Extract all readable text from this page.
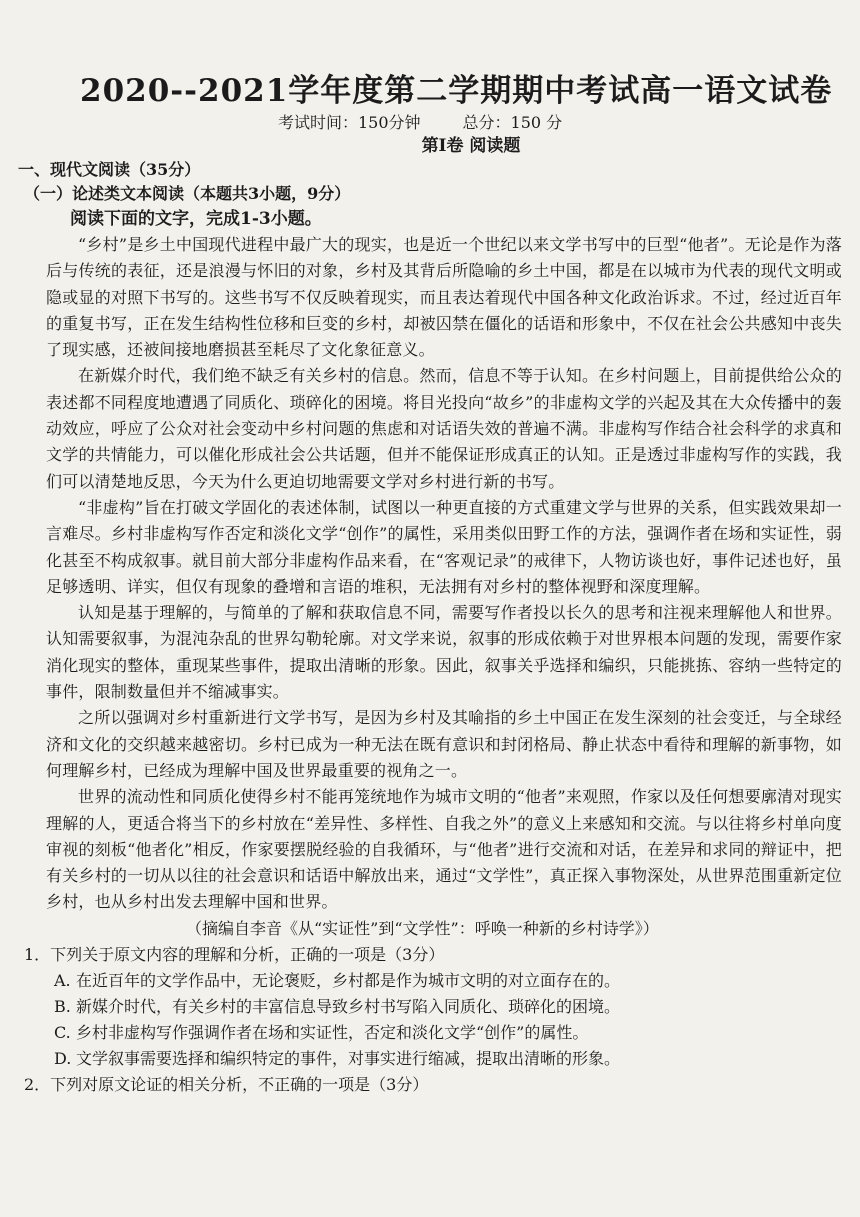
2020--2021学年度第二学期期中考试高一语文试卷
考试时间：150分钟	总分：150 分
第Ⅰ卷 阅读题
一、现代文阅读（35分）
（一）论述类文本阅读（本题共3小题，9分）
阅读下面的文字，完成1-3小题。

“乡村”是乡土中国现代进程中最广大的现实，也是近一个世纪以来文学书写中的巨型“他者”。无论是作为落后与传统的表征，还是浪漫与怀旧的对象，乡村及其背后所隐喻的乡土中国，都是在以城市为代表的现代文明或隐或显的对照下书写的。这些书写不仅反映着现实，而且表达着现代中国各种文化政治诉求。不过，经过近百年的重复书写，正在发生结构性位移和巨变的乡村，却被囚禁在僵化的话语和形象中，不仅在社会公共感知中丧失了现实感，还被间接地磨损甚至耗尽了文化象征意义。

在新媒介时代，我们绝不缺乏有关乡村的信息。然而，信息不等于认知。在乡村问题上，目前提供给公众的表述都不同程度地遭遇了同质化、琐碎化的困境。将目光投向“故乡”的非虚构文学的兴起及其在大众传播中的轰动效应，呼应了公众对社会变动中乡村问题的焦虑和对话语失效的普遍不满。非虚构写作结合社会科学的求真和文学的共情能力，可以催化形成社会公共话题，但并不能保证形成真正的认知。正是透过非虚构写作的实践，我们可以清楚地反思，今天为什么更迫切地需要文学对乡村进行新的书写。

“非虚构”旨在打破文学固化的表述体制，试图以一种更直接的方式重建文学与世界的关系，但实践效果却一言难尽。乡村非虚构写作否定和淡化文学“创作”的属性，采用类似田野工作的方法，强调作者在场和实证性，弱化甚至不构成叙事。就目前大部分非虚构作品来看，在“客观记录”的戒律下，人物访谈也好，事件记述也好，虽足够透明、详实，但仅有现象的叠增和言语的堆积，无法拥有对乡村的整体视野和深度理解。

认知是基于理解的，与简单的了解和获取信息不同，需要写作者投以长久的思考和注视来理解他人和世界。认知需要叙事，为混沌杂乱的世界勾勒轮廓。对文学来说，叙事的形成依赖于对世界根本问题的发现，需要作家消化现实的整体，重现某些事件，提取出清晰的形象。因此，叙事关乎选择和编织，只能挑拣、容纳一些特定的事件，限制数量但并不缩减事实。

之所以强调对乡村重新进行文学书写，是因为乡村及其喻指的乡土中国正在发生深刻的社会变迁，与全球经济和文化的交织越来越密切。乡村已成为一种无法在既有意识和封闭格局、静止状态中看待和理解的新事物，如何理解乡村，已经成为理解中国及世界最重要的视角之一。

世界的流动性和同质化使得乡村不能再笼统地作为城市文明的“他者”来观照，作家以及任何想要廓清对现实理解的人，更适合将当下的乡村放在“差异性、多样性、自我之外”的意义上来感知和交流。与以往将乡村单向度审视的刻板“他者化”相反，作家要摆脱经验的自我循环，与“他者”进行交流和对话，在差异和求同的辩证中，把有关乡村的一切从以往的社会意识和话语中解放出来，通过“文学性”，真正探入事物深处，从世界范围重新定位乡村，也从乡村出发去理解中国和世界。

（摘编自李音《从“实证性”到“文学性”：呼唤一种新的乡村诗学》）
1．下列关于原文内容的理解和分析，正确的一项是（3分）
A. 在近百年的文学作品中，无论褒贬，乡村都是作为城市文明的对立面存在的。
B. 新媒介时代，有关乡村的丰富信息导致乡村书写陷入同质化、琐碎化的困境。
C. 乡村非虚构写作强调作者在场和实证性，否定和淡化文学“创作”的属性。
D. 文学叙事需要选择和编织特定的事件，对事实进行缩减，提取出清晰的形象。
2．下列对原文论证的相关分析，不正确的一项是（3分）
